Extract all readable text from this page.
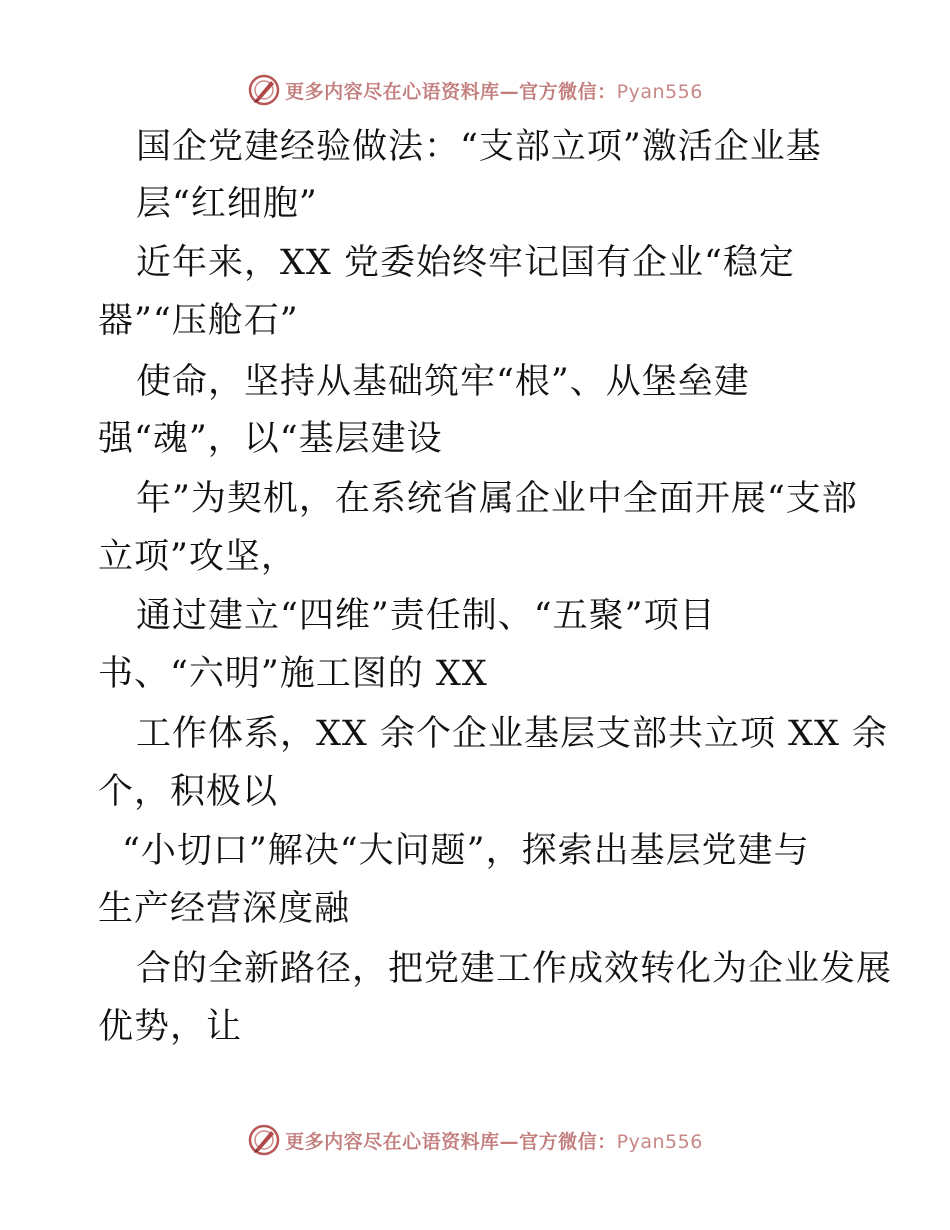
更多内容尽在心语资料库—官方微信：Pyan556
国企党建经验做法：“支部立项”激活企业基
层“红细胞”
近年来，XX 党委始终牢记国有企业“稳定
器”“压舱石”
使命，坚持从基础筑牢“根”、从堡垒建
强“魂”，以“基层建设
年”为契机，在系统省属企业中全面开展“支部
立项”攻坚，
通过建立“四维”责任制、“五聚”项目
书、“六明”施工图的 XX
工作体系，XX 余个企业基层支部共立项 XX 余
个，积极以
“小切口”解决“大问题”，探索出基层党建与
生产经营深度融
合的全新路径，把党建工作成效转化为企业发展
优势，让
更多内容尽在心语资料库—官方微信：Pyan556
